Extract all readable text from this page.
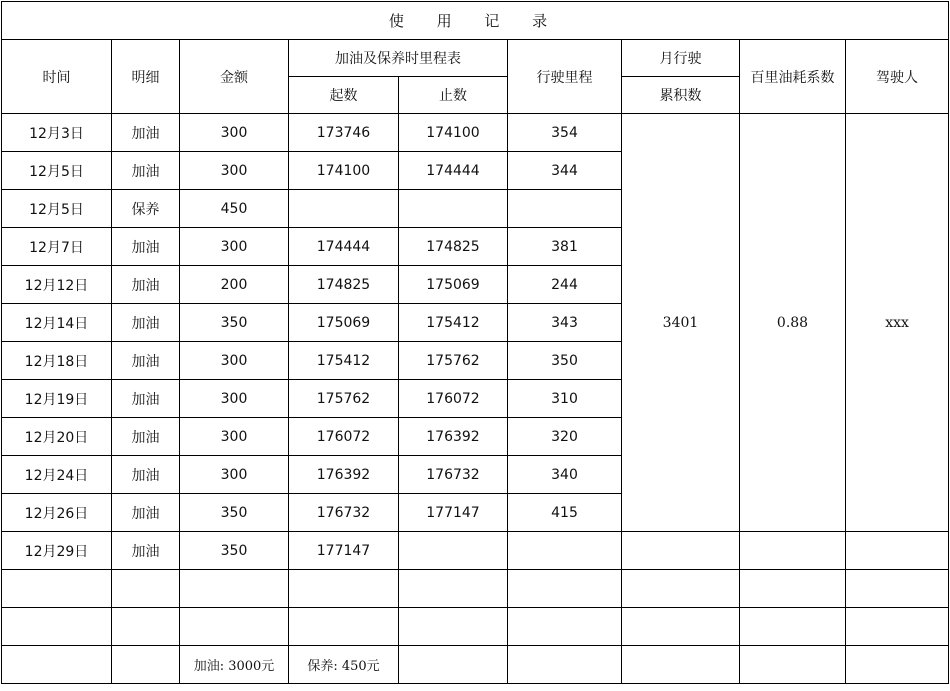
使 用 记 录								
时间	明细	金额	加油及保养时里程表		行驶里程	月行驶	百里油耗系数	驾驶人
			起数	止数		累积数		
12月3日	加油	300	173746	174100	354	3401	0.88	xxx
12月5日	加油	300	174100	174444	344			
12月5日	保养	450						
12月7日	加油	300	174444	174825	381			
12月12日	加油	200	174825	175069	244			
12月14日	加油	350	175069	175412	343			
12月18日	加油	300	175412	175762	350			
12月19日	加油	300	175762	176072	310			
12月20日	加油	300	176072	176392	320			
12月24日	加油	300	176392	176732	340			
12月26日	加油	350	176732	177147	415			
12月29日	加油	350	177147					

		加油: 3000元	保养: 450元					
